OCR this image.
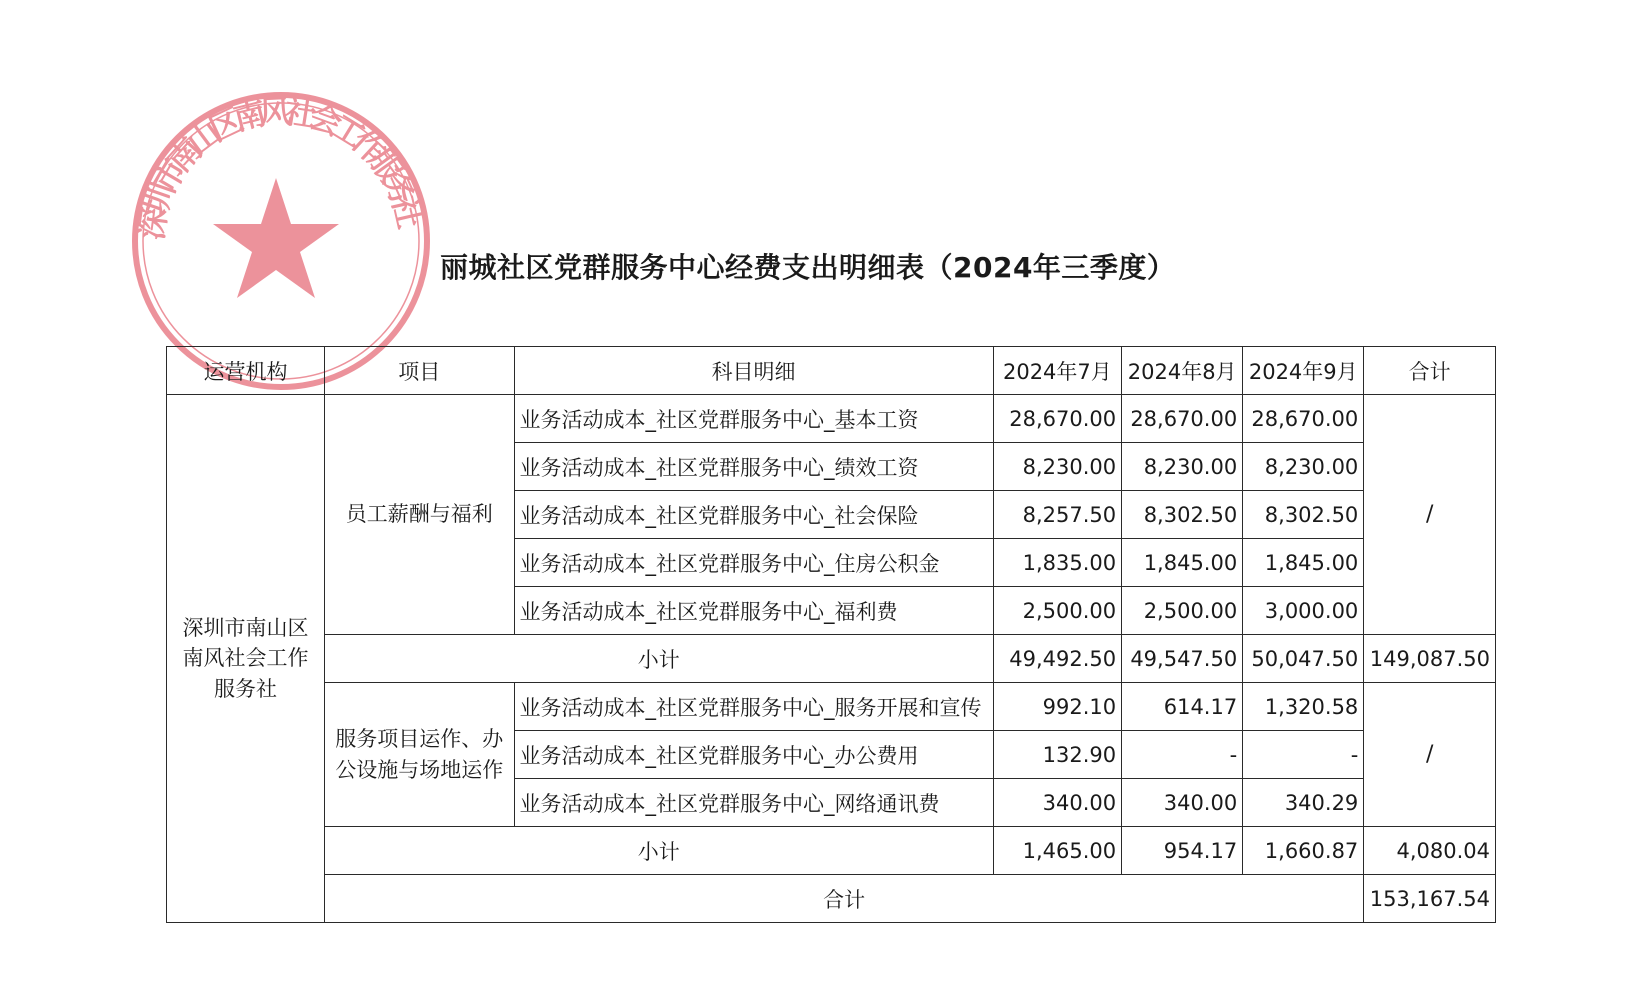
丽城社区党群服务中心经费支出明细表（2024年三季度）
深圳市南山区南风社会工作服务社
运营机构	项目	科目明细	2024年7月	2024年8月	2024年9月	合计
深圳市南山区南风社会工作服务社	员工薪酬与福利	业务活动成本_社区党群服务中心_基本工资	28,670.00	28,670.00	28,670.00	/
		业务活动成本_社区党群服务中心_绩效工资	8,230.00	8,230.00	8,230.00	
		业务活动成本_社区党群服务中心_社会保险	8,257.50	8,302.50	8,302.50	
		业务活动成本_社区党群服务中心_住房公积金	1,835.00	1,845.00	1,845.00	
		业务活动成本_社区党群服务中心_福利费	2,500.00	2,500.00	3,000.00	
	小计		49,492.50	49,547.50	50,047.50	149,087.50
	服务项目运作、办公设施与场地运作	业务活动成本_社区党群服务中心_服务开展和宣传	992.10	614.17	1,320.58	/
		业务活动成本_社区党群服务中心_办公费用	132.90	-	-	
		业务活动成本_社区党群服务中心_网络通讯费	340.00	340.00	340.29	
	小计		1,465.00	954.17	1,660.87	4,080.04
	合计					153,167.54
